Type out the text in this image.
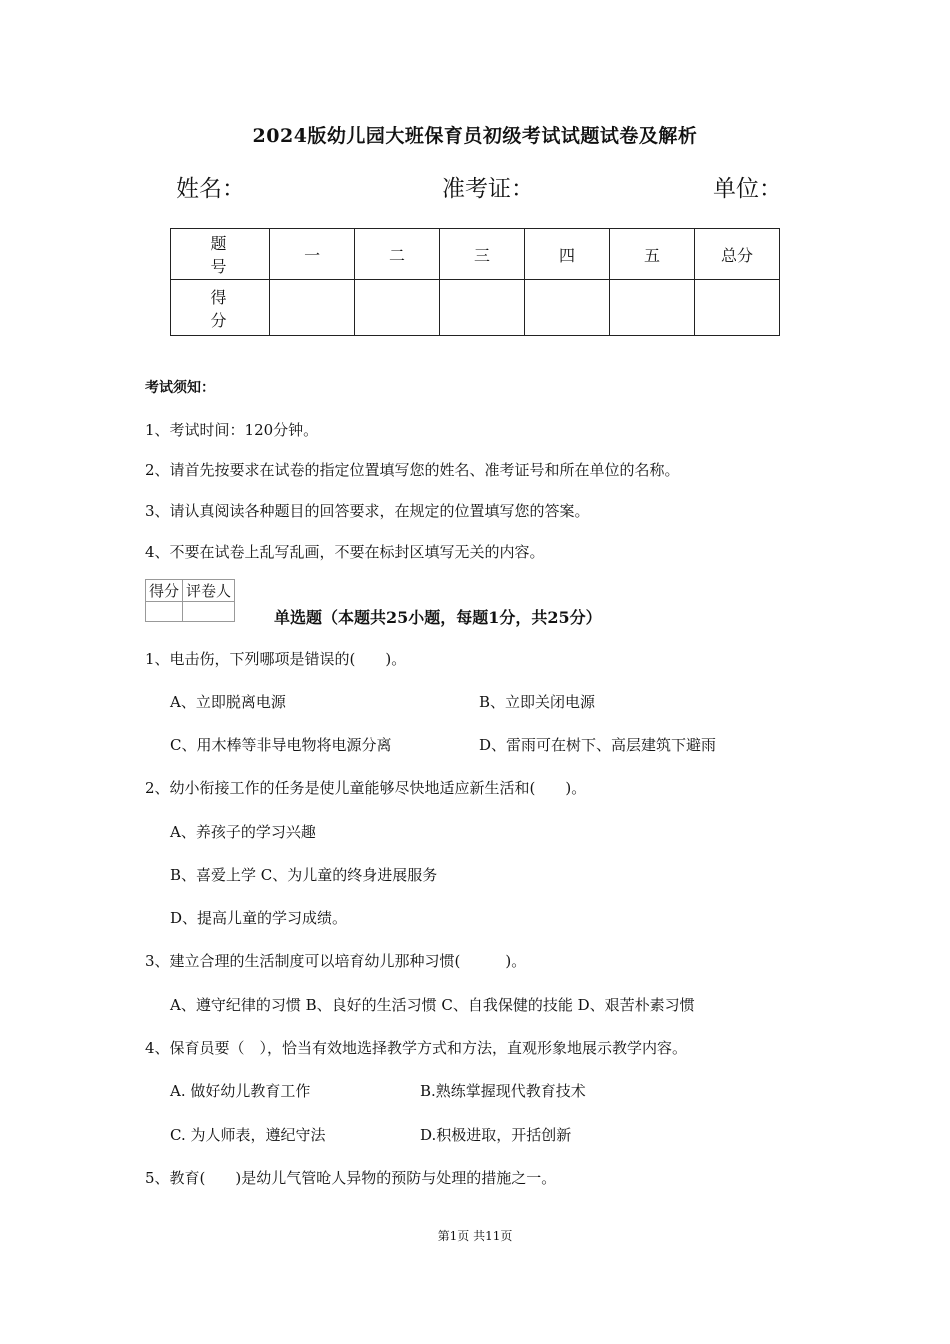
2024版幼儿园大班保育员初级考试试题试卷及解析
姓名：	准考证：	单位：
题 号	一	二	三	四	五	总分
得 分						
考试须知：
1、考试时间：120分钟。
2、请首先按要求在试卷的指定位置填写您的姓名、准考证号和所在单位的名称。
3、请认真阅读各种题目的回答要求，在规定的位置填写您的答案。
4、不要在试卷上乱写乱画，不要在标封区填写无关的内容。
得分	评卷人

单选题（本题共25小题，每题1分，共25分）
1、电击伤，下列哪项是错误的(　　)。
A、立即脱离电源	B、立即关闭电源
C、用木棒等非导电物将电源分离	D、雷雨可在树下、高层建筑下避雨
2、幼小衔接工作的任务是使儿童能够尽快地适应新生活和(　　)。
A、养孩子的学习兴趣
B、喜爱上学 C、为儿童的终身进展服务
D、提高儿童的学习成绩。
3、建立合理的生活制度可以培育幼儿那种习惯(　　　)。
A、遵守纪律的习惯 B、良好的生活习惯 C、自我保健的技能 D、艰苦朴素习惯
4、保育员要（　），恰当有效地选择教学方式和方法，直观形象地展示教学内容。
A. 做好幼儿教育工作	B.熟练掌握现代教育技术
C. 为人师表，遵纪守法	D.积极进取，开括创新
5、教育(　　)是幼儿气管呛人异物的预防与处理的措施之一。
第1页 共11页
